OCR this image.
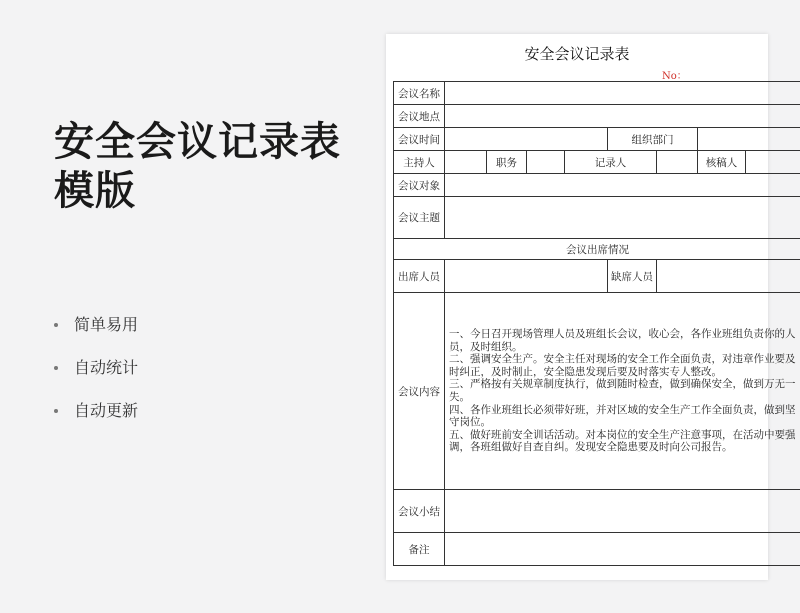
安全会议记录表
模版
简单易用
自动统计
自动更新
安全会议记录表
No：
会议名称								
会议地点								
会议时间					组织部门			
主持人		职务		记录人			核稿人	
会议对象								
会议主题								
会议出席情况								
出席人员					缺席人员			
会议内容	一、今日召开现场管理人员及班组长会议，收心会，各作业班组负责你的人员，及时组织。

二、强调安全生产。安全主任对现场的安全工作全面负责，对违章作业要及时纠正，及时制止，安全隐患发现后要及时落实专人整改。

三、严格按有关规章制度执行，做到随时检查，做到确保安全，做到万无一失。

四、各作业班组长必须带好班，并对区域的安全生产工作全面负责，做到坚守岗位。

五、做好班前安全训话活动。对本岗位的安全生产注意事项，在活动中要强调，各班组做好自查自纠。发现安全隐患要及时向公司报告。							

会议小结								
备注								
